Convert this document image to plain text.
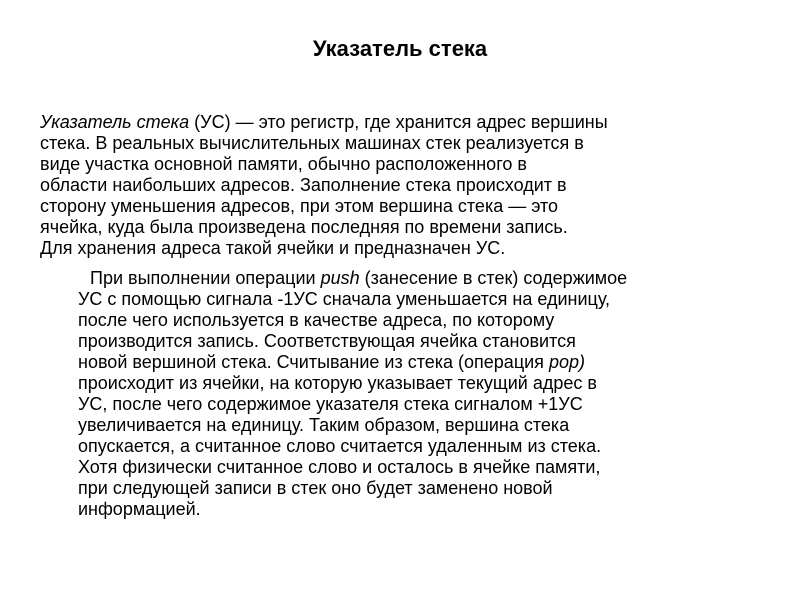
Указатель стека

Указатель стека (УС) — это регистр, где хранится адрес вершины
стека. В реальных вычислительных машинах стек реализуется в
виде участка основной памяти, обычно расположенного в
области наибольших адресов. Заполнение стека происходит в
сторону уменьшения адресов, при этом вершина стека — это
ячейка, куда была произведена последняя по времени запись.
Для хранения адреса такой ячейки и предназначен УС.

При выполнении операции push (занесение в стек) содержимое
УС с помощью сигнала -1УС сначала уменьшается на единицу,
после чего используется в качестве адреса, по которому
производится запись. Соответствующая ячейка становится
новой вершиной стека. Считывание из стека (операция pop)
происходит из ячейки, на которую указывает текущий адрес в
УС, после чего содержимое указателя стека сигналом +1УС
увеличивается на единицу. Таким образом, вершина стека
опускается, а считанное слово считается удаленным из стека.
Хотя физически считанное слово и осталось в ячейке памяти,
при следующей записи в стек оно будет заменено новой
информацией.
